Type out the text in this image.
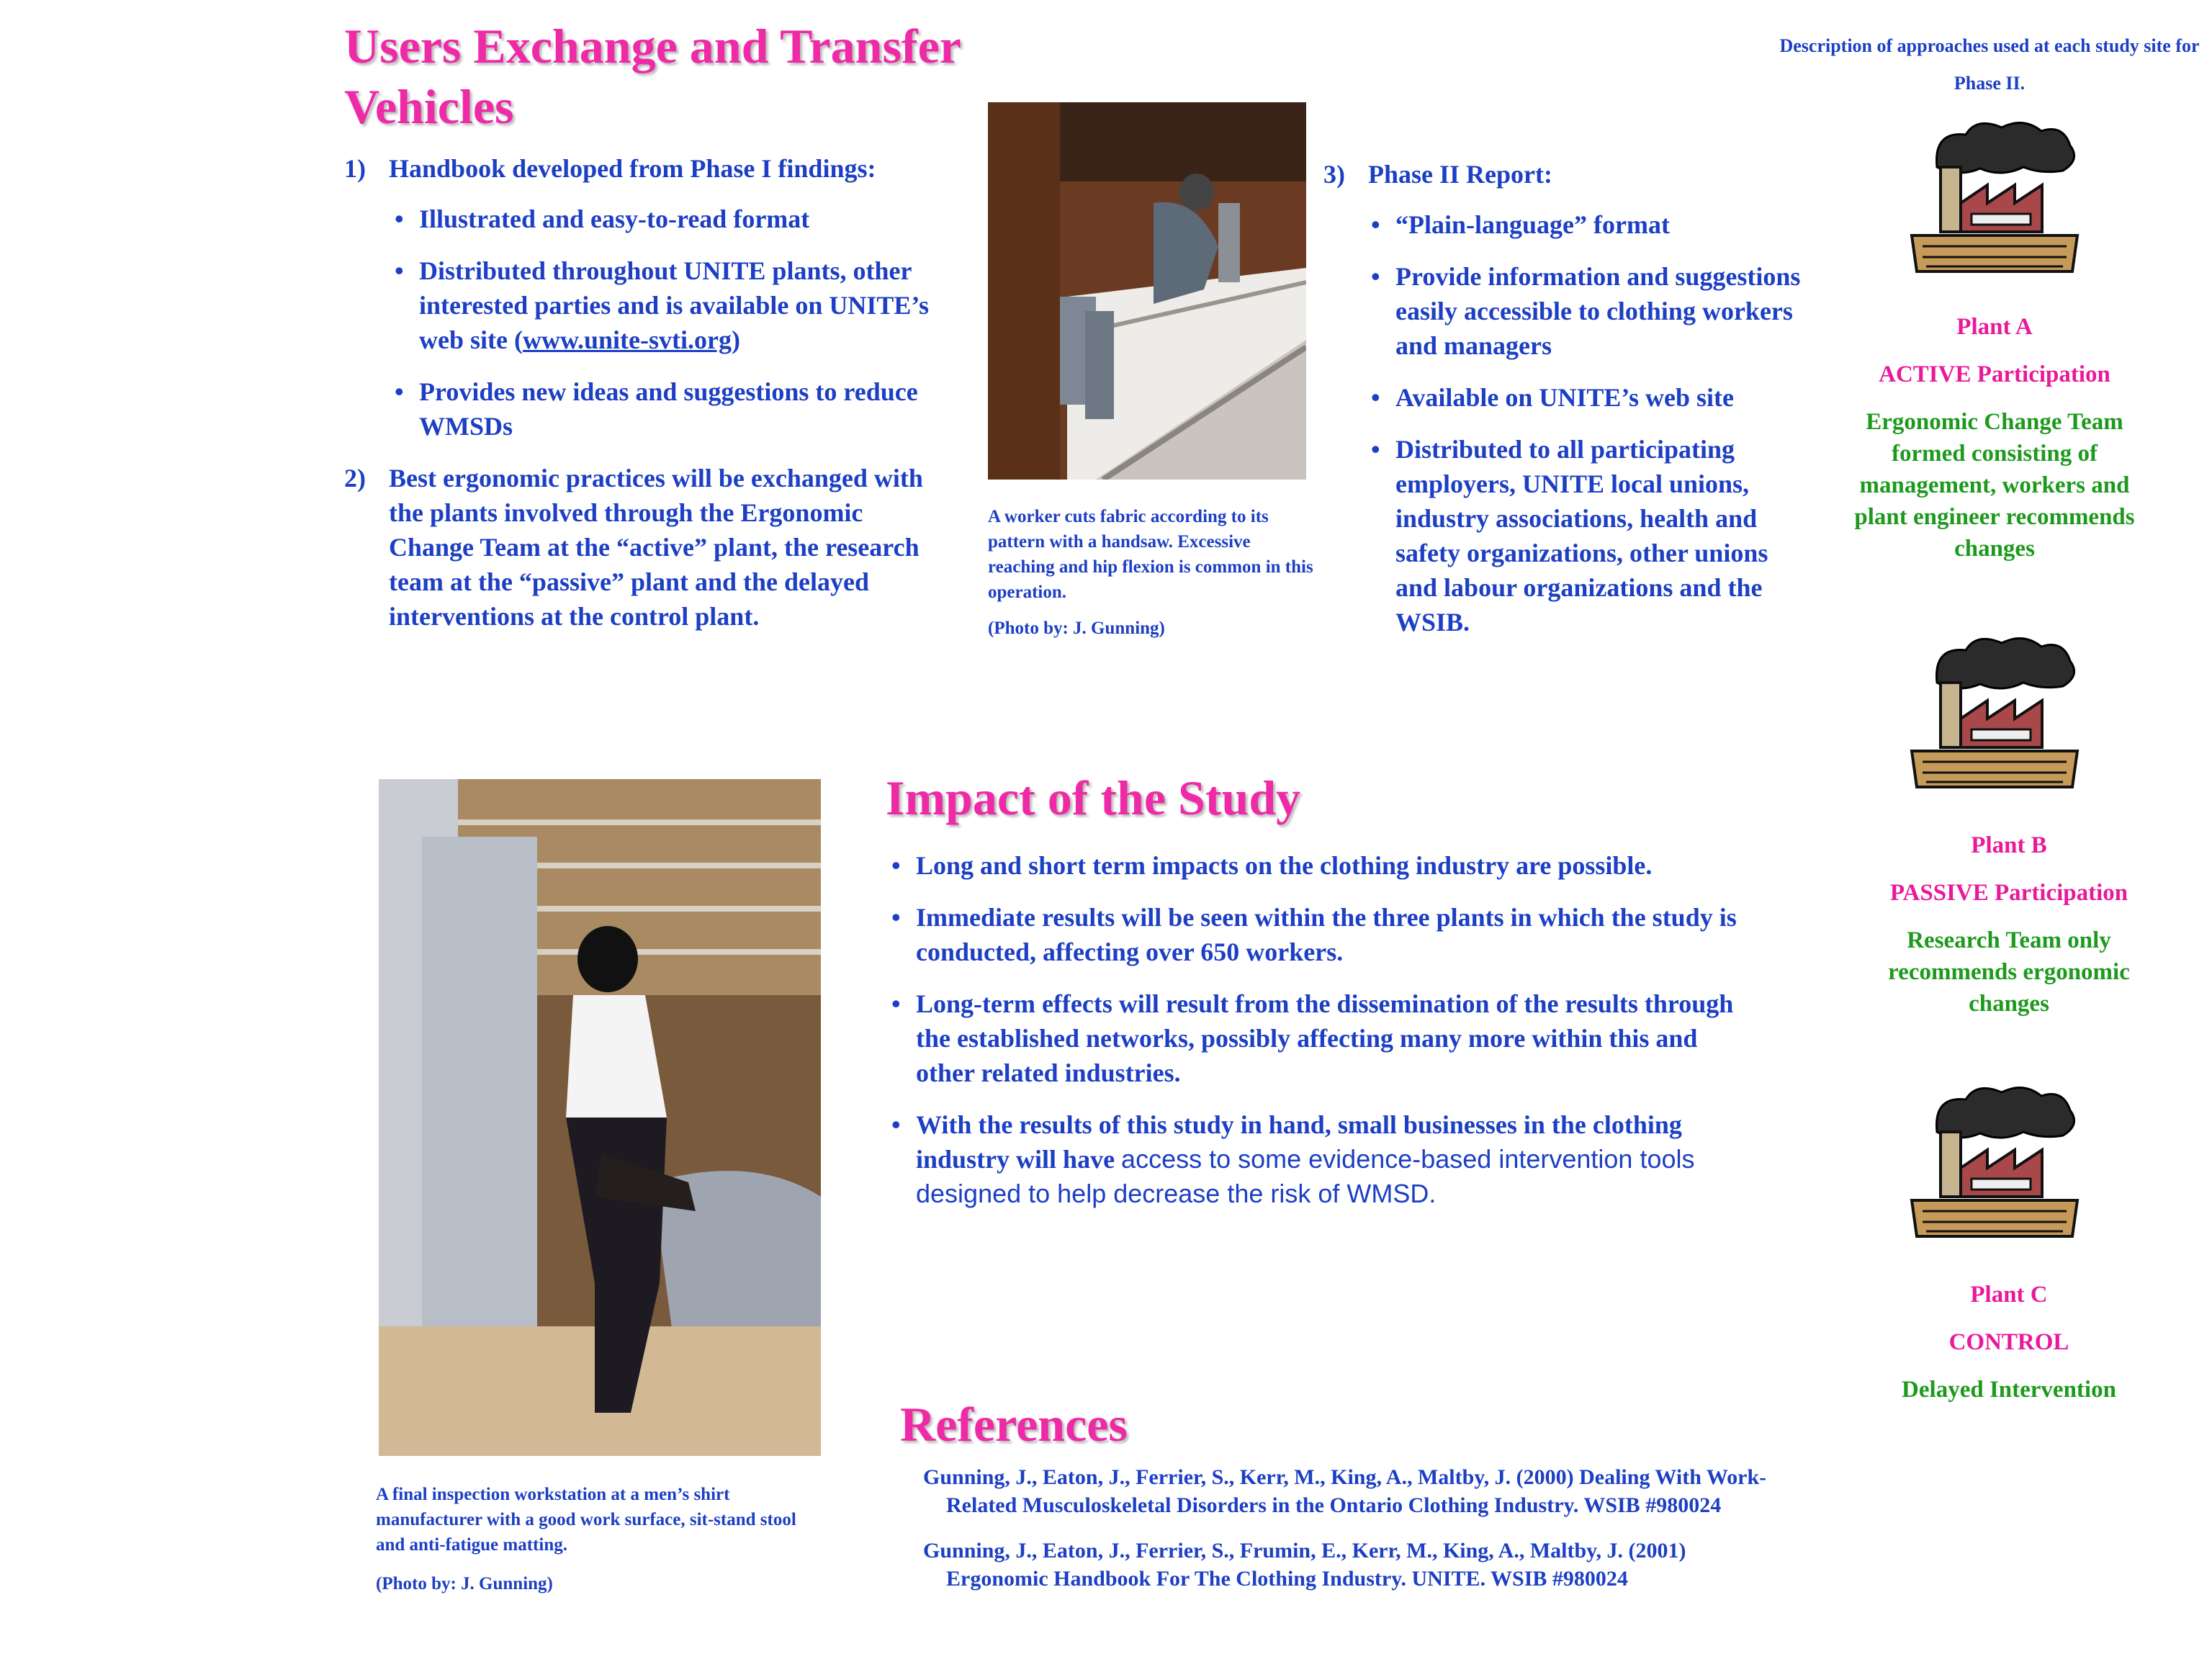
Users Exchange and Transfer Vehicles
1) Handbook developed from Phase I findings:
• Illustrated and easy-to-read format
• Distributed throughout UNITE plants, other interested parties and is available on UNITE’s web site (www.unite-svti.org)
• Provides new ideas and suggestions to reduce WMSDs
2) Best ergonomic practices will be exchanged with the plants involved through the Ergonomic Change Team at the “active” plant, the research team at the “passive” plant and the delayed interventions at the control plant.
A worker cuts fabric according to its pattern with a handsaw. Excessive reaching and hip flexion is common in this operation.
(Photo by: J. Gunning)
3) Phase II Report:
• “Plain-language” format
• Provide information and suggestions easily accessible to clothing workers and managers
• Available on UNITE’s web site
• Distributed to all participating employers, UNITE local unions, industry associations, health and safety organizations, other unions and labour organizations and the WSIB.
Description of approaches used at each study site for Phase II.
Plant A
ACTIVE Participation
Ergonomic Change Team formed consisting of management, workers and plant engineer recommends changes
Plant B
PASSIVE Participation
Research Team only recommends ergonomic changes
Plant C
CONTROL
Delayed Intervention
A final inspection workstation at a men’s shirt manufacturer with a good work surface, sit-stand stool and anti-fatigue matting.
(Photo by: J. Gunning)
Impact of the Study
• Long and short term impacts on the clothing industry are possible.
• Immediate results will be seen within the three plants in which the study is conducted, affecting over 650 workers.
• Long-term effects will result from the dissemination of the results through the established networks, possibly affecting many more within this and other related industries.
• With the results of this study in hand, small businesses in the clothing industry will have access to some evidence-based intervention tools designed to help decrease the risk of WMSD.
References

Gunning, J., Eaton, J., Ferrier, S., Kerr, M., King, A., Maltby, J. (2000) Dealing With Work-Related Musculoskeletal Disorders in the Ontario Clothing Industry. WSIB #980024

Gunning, J., Eaton, J., Ferrier, S., Frumin, E., Kerr, M., King, A., Maltby, J. (2001) Ergonomic Handbook For The Clothing Industry. UNITE. WSIB #980024
